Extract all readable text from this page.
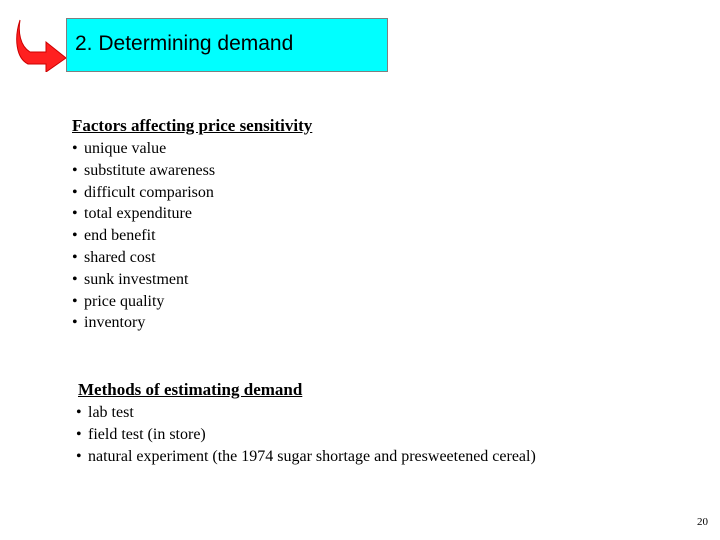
2. Determining demand
Factors affecting price sensitivity
• unique value
• substitute awareness
• difficult comparison
• total expenditure
• end benefit
• shared cost
• sunk investment
• price quality
• inventory
Methods of estimating demand
• lab test
• field test (in store)
• natural experiment (the 1974 sugar shortage and presweetened cereal)
20
